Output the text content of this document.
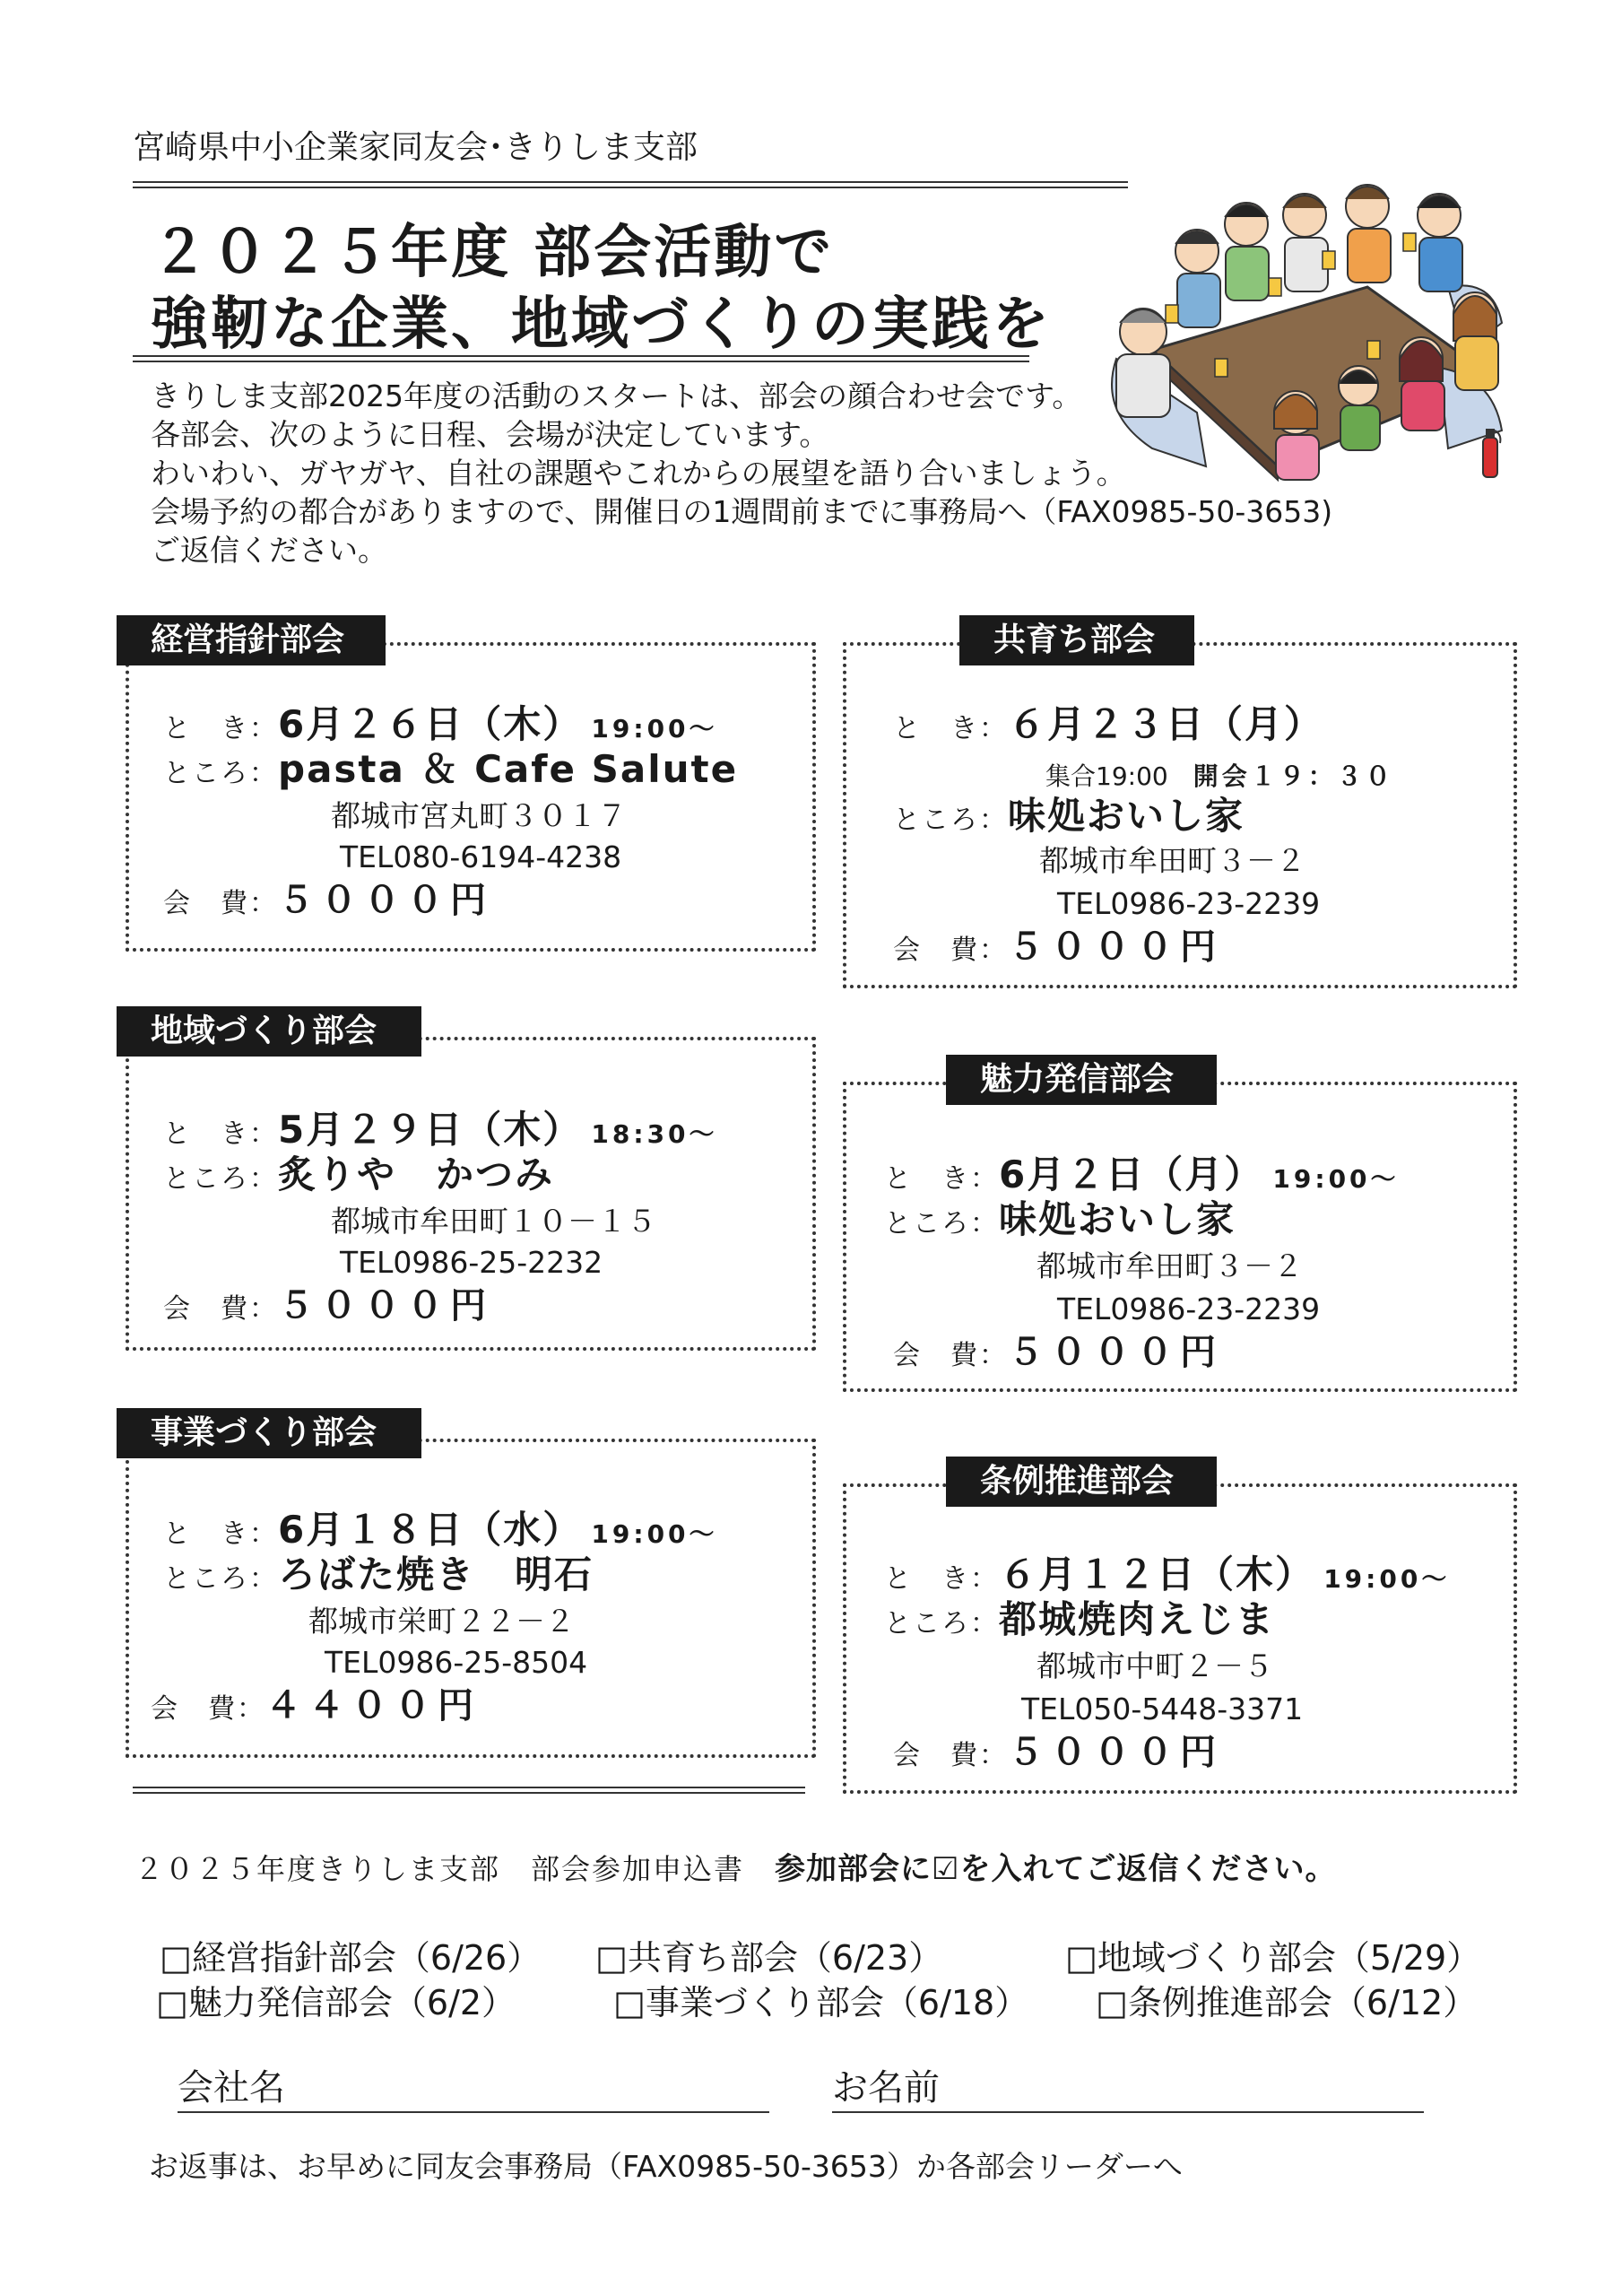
宮崎県中小企業家同友会･きりしま支部
２０２５年度 部会活動で
強靭な企業、地域づくりの実践を
きりしま支部2025年度の活動のスタートは、部会の顔合わせ会です。
各部会、次のように日程、会場が決定しています。
わいわい、ガヤガヤ、自社の課題やこれからの展望を語り合いましょう。
会場予約の都合がありますので、開催日の1週間前までに事務局へ（FAX0985-50-3653)
ご返信ください。
と　き：6月２６日（木） 19:00～
ところ：pasta ＆ Cafe Salute
都城市宮丸町３０１７
TEL080-6194-4238
会　費：５０００円
経営指針部会
と　き：６月２３日（月）
集合19:00　 開会１９：３０
ところ：味処おいし家
都城市牟田町３－２
TEL0986-23-2239
会　費：５０００円
共育ち部会
と　き：5月２９日（木） 18:30～
ところ：炙りや　かつみ
都城市牟田町１０－１５
TEL0986-25-2232
会　費：５０００円
地域づくり部会
と　き：6月２日（月） 19:00～
ところ：味処おいし家
都城市牟田町３－２
TEL0986-23-2239
会　費：５０００円
魅力発信部会
と　き：6月１８日（水） 19:00～
ところ：ろばた焼き　明石
都城市栄町２２－２
TEL0986-25-8504
会　費：４４００円
事業づくり部会
と　き：６月１２日（木） 19:00～
ところ：都城焼肉えじま
都城市中町２－５
TEL050-5448-3371
会　費：５０００円
条例推進部会
２０２５年度きりしま支部　部会参加申込書　 参加部会に☑を入れてご返信ください。
□経営指針部会（6/26） □共育ち部会（6/23）	□地域づくり部会（5/29）
□魅力発信部会（6/2）	□事業づくり部会（6/18） □条例推進部会（6/12）
会社名	お名前
お返事は、お早めに同友会事務局（FAX0985-50-3653）か各部会リーダーへ
